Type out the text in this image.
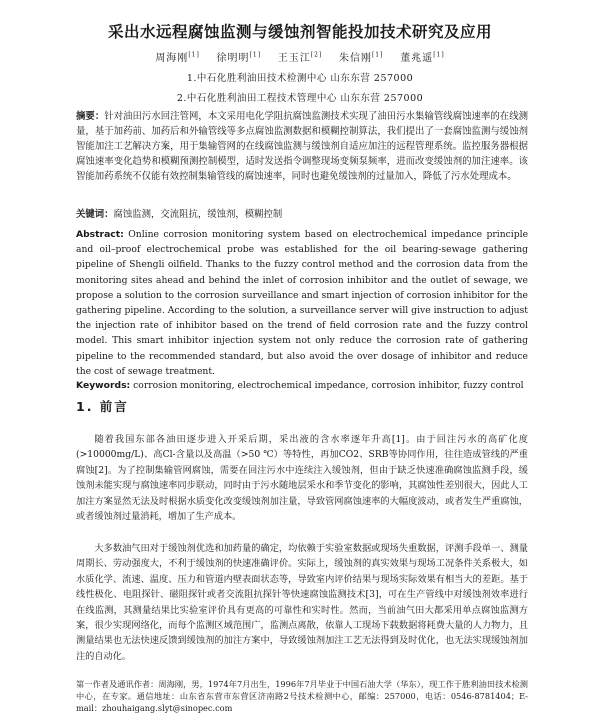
采出水远程腐蚀监测与缓蚀剂智能投加技术研究及应用
周海刚[1] 徐明明[1] 王玉江[2] 朱信刚[1] 董兆遥[1]
1.中石化胜利油田技术检测中心 山东东营 257000
2.中石化胜利油田工程技术管理中心 山东东营 257000
摘要：针对油田污水回注管网，本文采用电化学阻抗腐蚀监测技术实现了油田污水集输管线腐蚀速率的在线测量，基于加药前、加药后和外输管线等多点腐蚀监测数据和模糊控制算法，我们提出了一套腐蚀监测与缓蚀剂智能加注工艺解决方案，用于集输管网的在线腐蚀监测与缓蚀剂自适应加注的远程管理系统。监控服务器根据腐蚀速率变化趋势和模糊预测控制模型，适时发送指令调整现场变频泵频率，进而改变缓蚀剂的加注速率。该智能加药系统不仅能有效控制集输管线的腐蚀速率，同时也避免缓蚀剂的过量加入，降低了污水处理成本。
关键词：腐蚀监测，交流阻抗，缓蚀剂，模糊控制
Abstract: Online corrosion monitoring system based on electrochemical impedance principle and oil–proof electrochemical probe was established for the oil bearing-sewage gathering pipeline of Shengli oilfield. Thanks to the fuzzy control method and the corrosion data from the monitoring sites ahead and behind the inlet of corrosion inhibitor and the outlet of sewage, we propose a solution to the corrosion surveillance and smart injection of corrosion inhibitor for the gathering pipeline. According to the solution, a surveillance server will give instruction to adjust the injection rate of inhibitor based on the trend of field corrosion rate and the fuzzy control model. This smart inhibitor injection system not only reduce the corrosion rate of gathering pipeline to the recommended standard, but also avoid the over dosage of inhibitor and reduce the cost of sewage treatment.
Keywords: corrosion monitoring, electrochemical impedance, corrosion inhibitor, fuzzy control
1. 前言
随着我国东部各油田逐步进入开采后期，采出液的含水率逐年升高[1]。由于回注污水的高矿化度(>10000mg/L)、高Cl-含量以及高温（>50 ℃）等特性，再加CO2、SRB等协同作用，往往造成管线的严重腐蚀[2]。为了控制集输管网腐蚀，需要在回注污水中连续注入缓蚀剂，但由于缺乏快速准确腐蚀监测手段，缓蚀剂未能实现与腐蚀速率同步联动，同时由于污水随地层采水和季节变化的影响，其腐蚀性差别很大，因此人工加注方案显然无法及时根据水质变化改变缓蚀剂加注量，导致管网腐蚀速率的大幅度波动，或者发生严重腐蚀，或者缓蚀剂过量消耗，增加了生产成本。
大多数油气田对于缓蚀剂优选和加药量的确定，均依赖于实验室数据或现场失重数据，评测手段单一、测量周期长、劳动强度大，不利于缓蚀剂的快速准确评价。实际上，缓蚀剂的真实效果与现场工况条件关系极大，如水质化学、流速、温度、压力和管道内壁表面状态等，导致室内评价结果与现场实际效果有相当大的差距。基于线性极化、电阻探针、磁阻探针或者交流阻抗探针等快速腐蚀监测技术[3]，可在生产管线中对缓蚀剂效率进行在线监测，其测量结果比实验室评价具有更高的可靠性和实时性。然而，当前油气田大都采用单点腐蚀监测方案，很少实现网络化，而每个监测区域范围广，监测点离散，依靠人工现场下载数据将耗费大量的人力物力，且测量结果也无法快速反馈到缓蚀剂的加注方案中，导致缓蚀剂加注工艺无法得到及时优化，也无法实现缓蚀剂加注的自动化。
第一作者及通讯作者：周海刚，男，1974年7月出生，1996年7月毕业于中国石油大学（华东），现工作于胜利油田技术检测中心，在专家。通信地址：山东省东营市东营区济南路2号技术检测中心，邮编：257000，电话：0546-8781404；E-mail：zhouhaigang.slyt@sinopec.com
